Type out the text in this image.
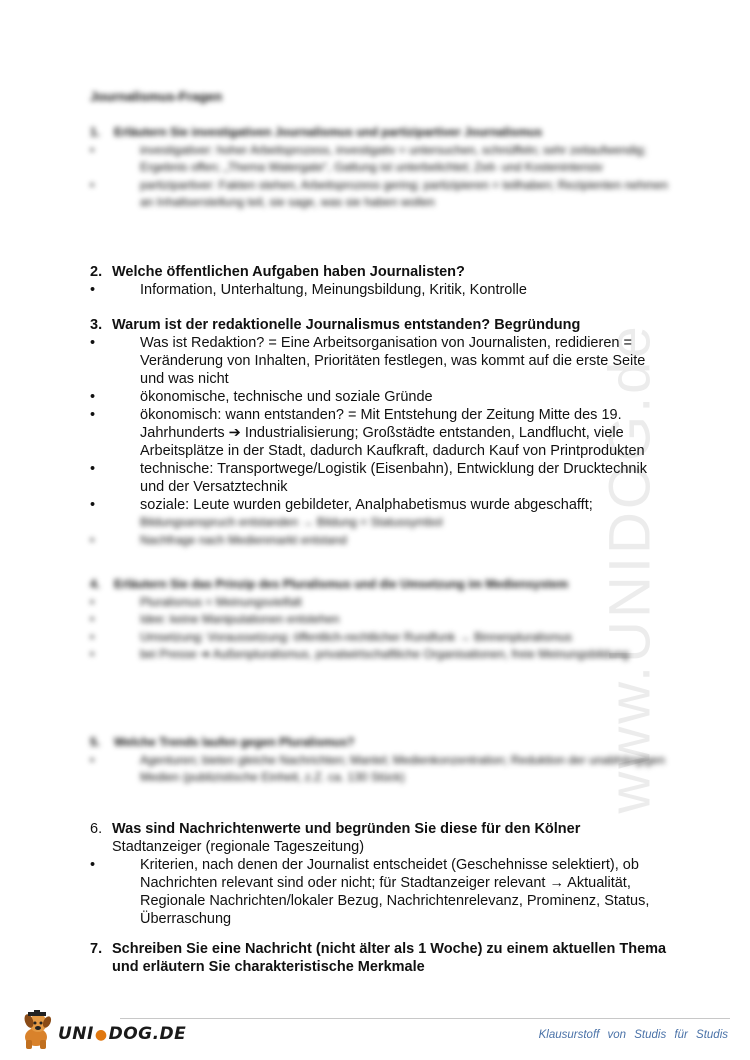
www.UNIDOG.de
Journalismus-Fragen
1. Erläutern Sie investigativen Journalismus und partizipartiver Journalismus
•	investigativer: hoher Arbeitsprozess, investigativ = untersuchen, schnüffeln; sehr zeitaufwendig; Ergebnis offen; „Thema Watergate“, Gattung ist unterbelichtet; Zeit- und Kostenintensiv
•	partizipartiver: Fakten stehen, Arbeitsprozess gering; partizipieren = teilhaben; Rezipienten nehmen an Inhaltserstellung teil, sie sage, was sie haben wollen
2. Welche öffentlichen Aufgaben haben Journalisten?
•	Information, Unterhaltung, Meinungsbildung, Kritik, Kontrolle
3. Warum ist der redaktionelle Journalismus entstanden? Begründung
•	Was ist Redaktion? = Eine Arbeitsorganisation von Journalisten, redidieren = Veränderung von Inhalten, Prioritäten festlegen, was kommt auf die erste Seite und was nicht
•	ökonomische, technische und soziale Gründe
•	ökonomisch: wann entstanden? = Mit Entstehung der Zeitung Mitte des 19. Jahrhunderts ➔ Industrialisierung; Großstädte entstanden, Landflucht, viele Arbeitsplätze in der Stadt, dadurch Kaufkraft, dadurch Kauf von Printprodukten
•	technische: Transportwege/Logistik (Eisenbahn), Entwicklung der Drucktechnik und der Versatztechnik
•	soziale: Leute wurden gebildeter, Analphabetismus wurde abgeschafft;
Bildungsanspruch entstanden → Bildung = Statussymbol
•	Nachfrage nach Medienmarkt entstand
4. Erläutern Sie das Prinzip des Pluralismus und die Umsetzung im Mediensystem
•	Pluralismus = Meinungsvielfalt
•	Idee: keine Manipulationen entstehen
•	Umsetzung: Voraussetzung: öffentlich-rechtlicher Rundfunk → Binnenpluralismus
•	bei Presse ➔ Außenpluralismus, privatwirtschaftliche Organisationen, freie Meinungsbildung
5. Welche Trends laufen gegen Pluralismus?
•	Agenturen; bieten gleiche Nachrichten; Mantel; Medienkonzentration; Reduktion der unabhängigen Medien (publizistische Einheit, z.Z. ca. 130 Stück)
6. Was sind Nachrichtenwerte und begründen Sie diese für den Kölner
Stadtanzeiger (regionale Tageszeitung)
•	Kriterien, nach denen der Journalist entscheidet (Geschehnisse selektiert), ob Nachrichten relevant sind oder nicht; für Stadtanzeiger relevant → Aktualität, Regionale Nachrichten/lokaler Bezug, Nachrichtenrelevanz, Prominenz, Status, Überraschung
7. Schreiben Sie eine Nachricht (nicht älter als 1 Woche) zu einem aktuellen Thema und erläutern Sie charakteristische Merkmale
UNI●DOG.DE	Klausurstoff von Studis für Studis
